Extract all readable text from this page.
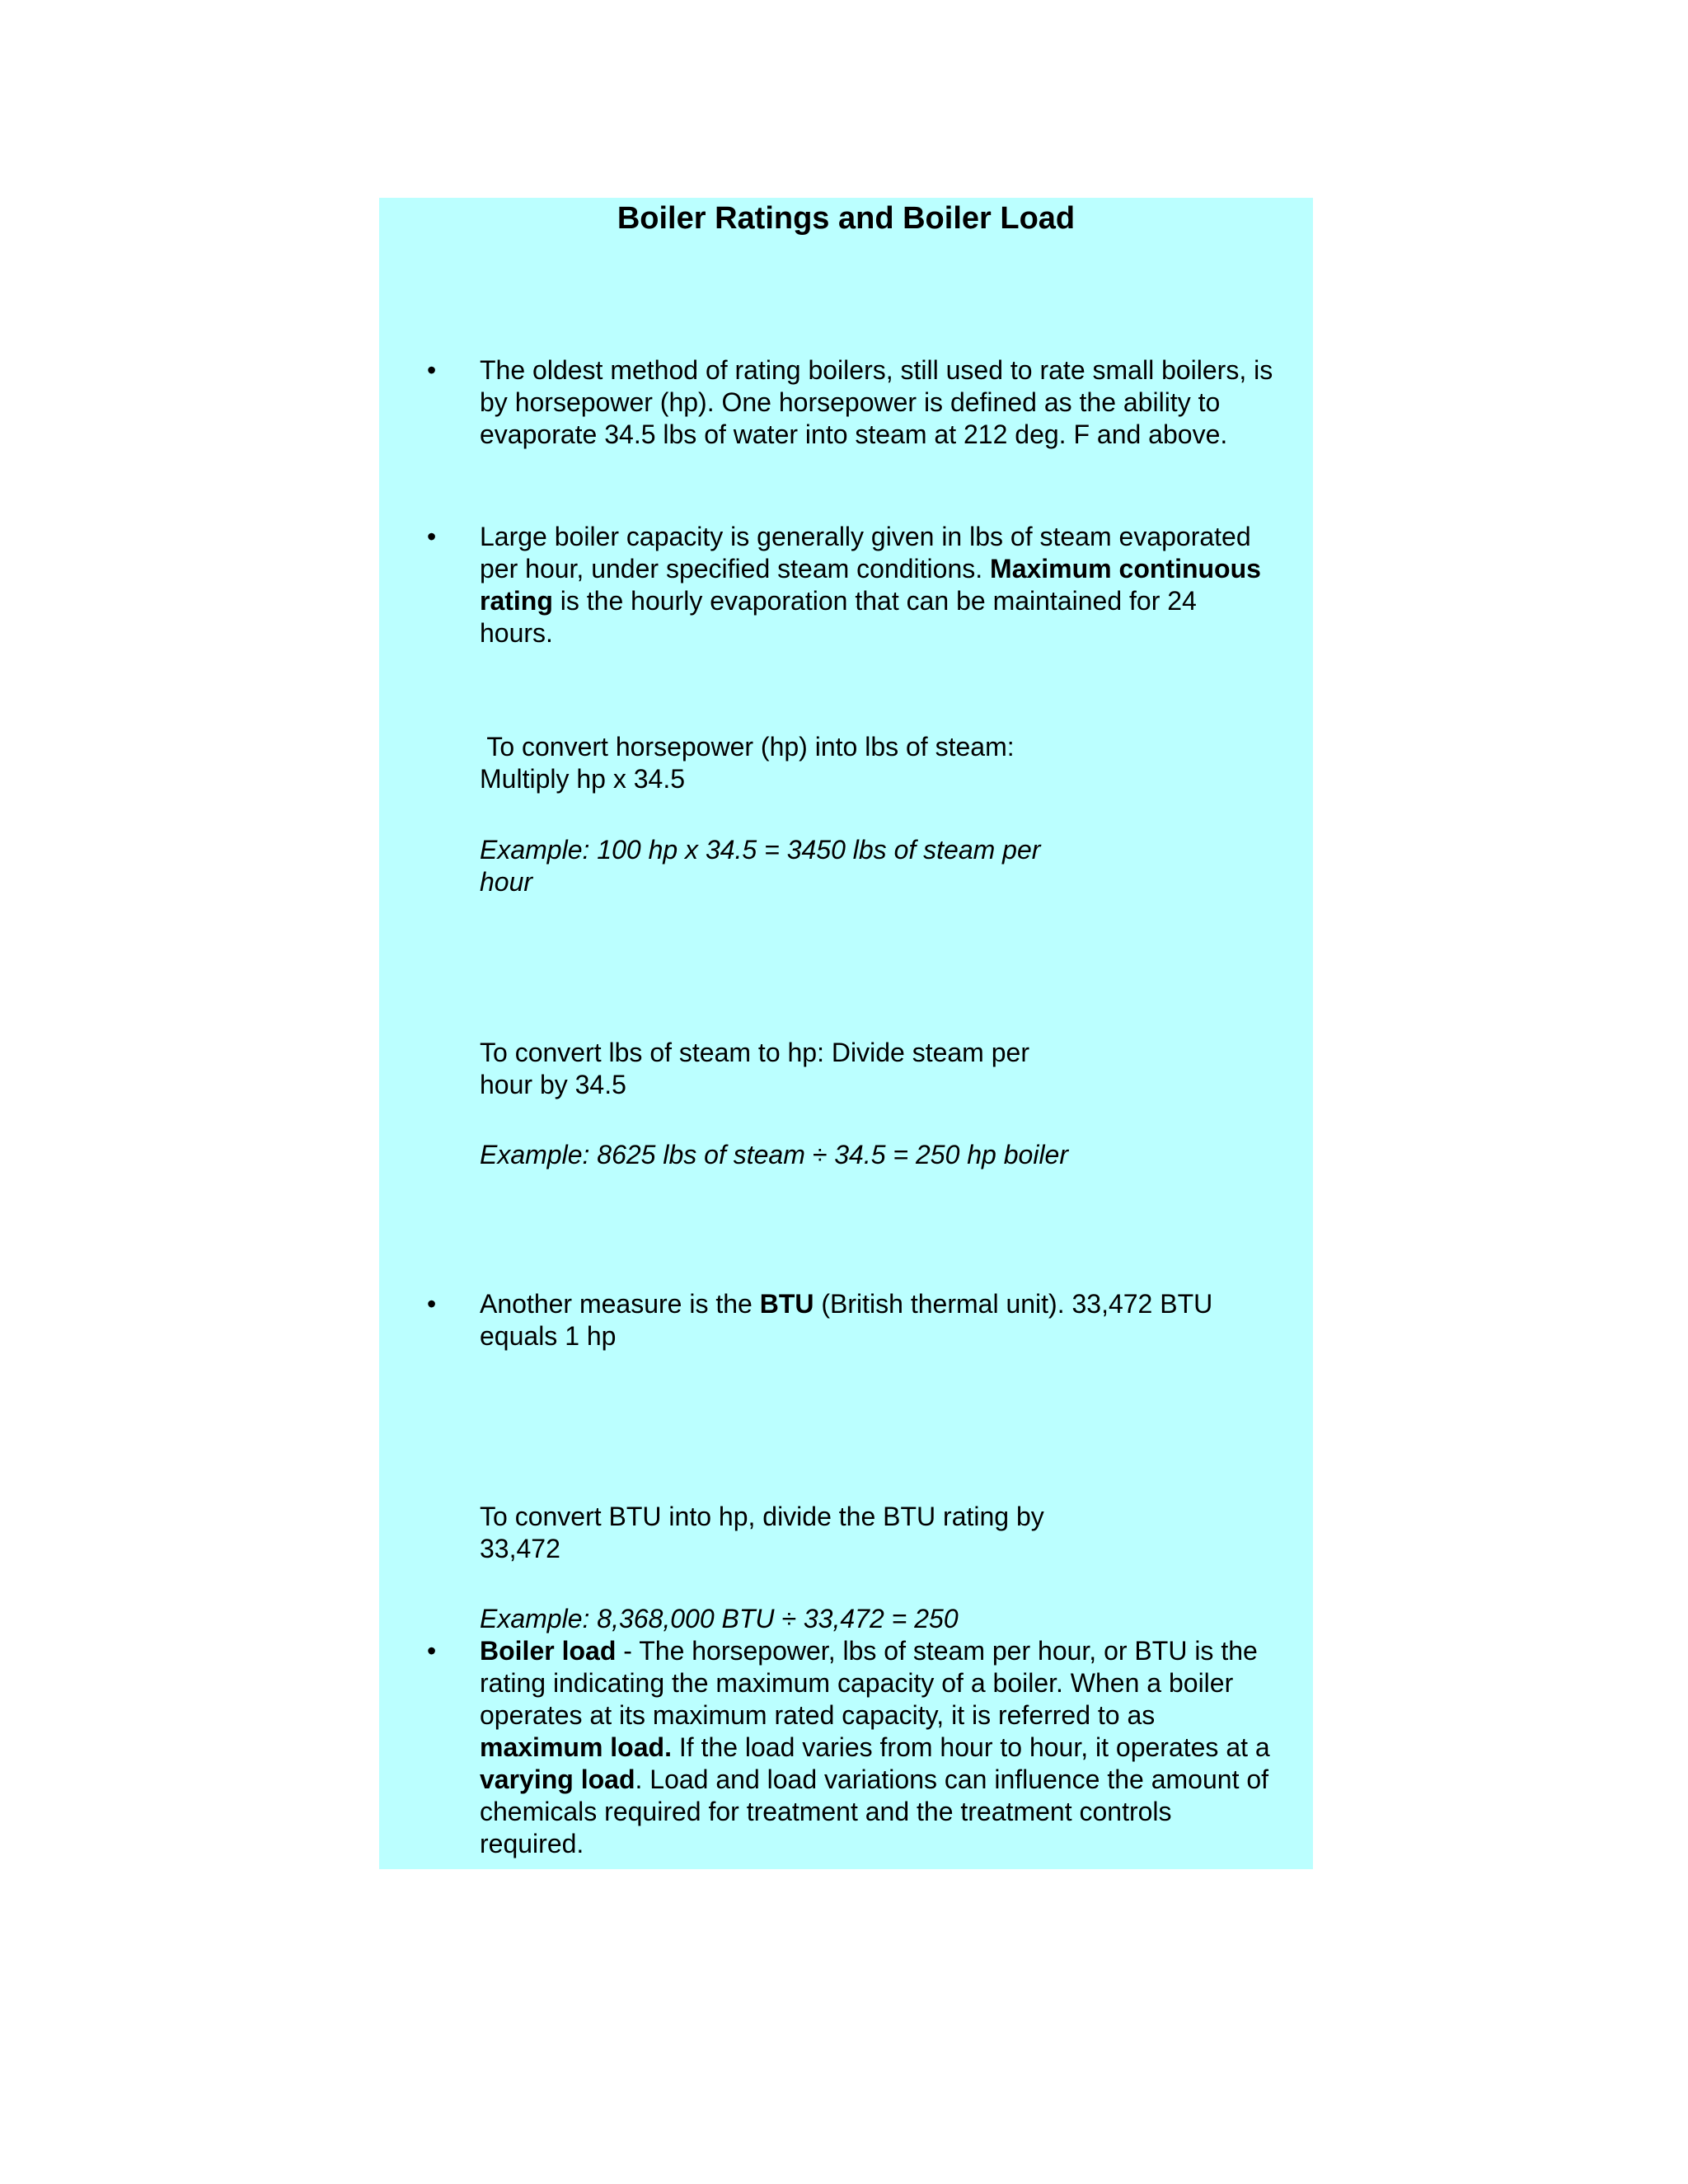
Boiler Ratings and Boiler Load
• The oldest method of rating boilers, still used to rate small boilers, is
by horsepower (hp). One horsepower is defined as the ability to
evaporate 34.5 lbs of water into steam at 212 deg. F and above.
• Large boiler capacity is generally given in lbs of steam evaporated
per hour, under specified steam conditions. Maximum continuous
rating is the hourly evaporation that can be maintained for 24
hours.
To convert horsepower (hp) into lbs of steam:
Multiply hp x 34.5
Example: 100 hp x 34.5 = 3450 lbs of steam per
hour
To convert lbs of steam to hp: Divide steam per
hour by 34.5
Example: 8625 lbs of steam ÷ 34.5 = 250 hp boiler
• Another measure is the BTU (British thermal unit). 33,472 BTU
equals 1 hp
To convert BTU into hp, divide the BTU rating by
33,472
Example: 8,368,000 BTU ÷ 33,472 = 250
• Boiler load - The horsepower, lbs of steam per hour, or BTU is the
rating indicating the maximum capacity of a boiler. When a boiler
operates at its maximum rated capacity, it is referred to as
maximum load. If the load varies from hour to hour, it operates at a
varying load. Load and load variations can influence the amount of
chemicals required for treatment and the treatment controls
required.
